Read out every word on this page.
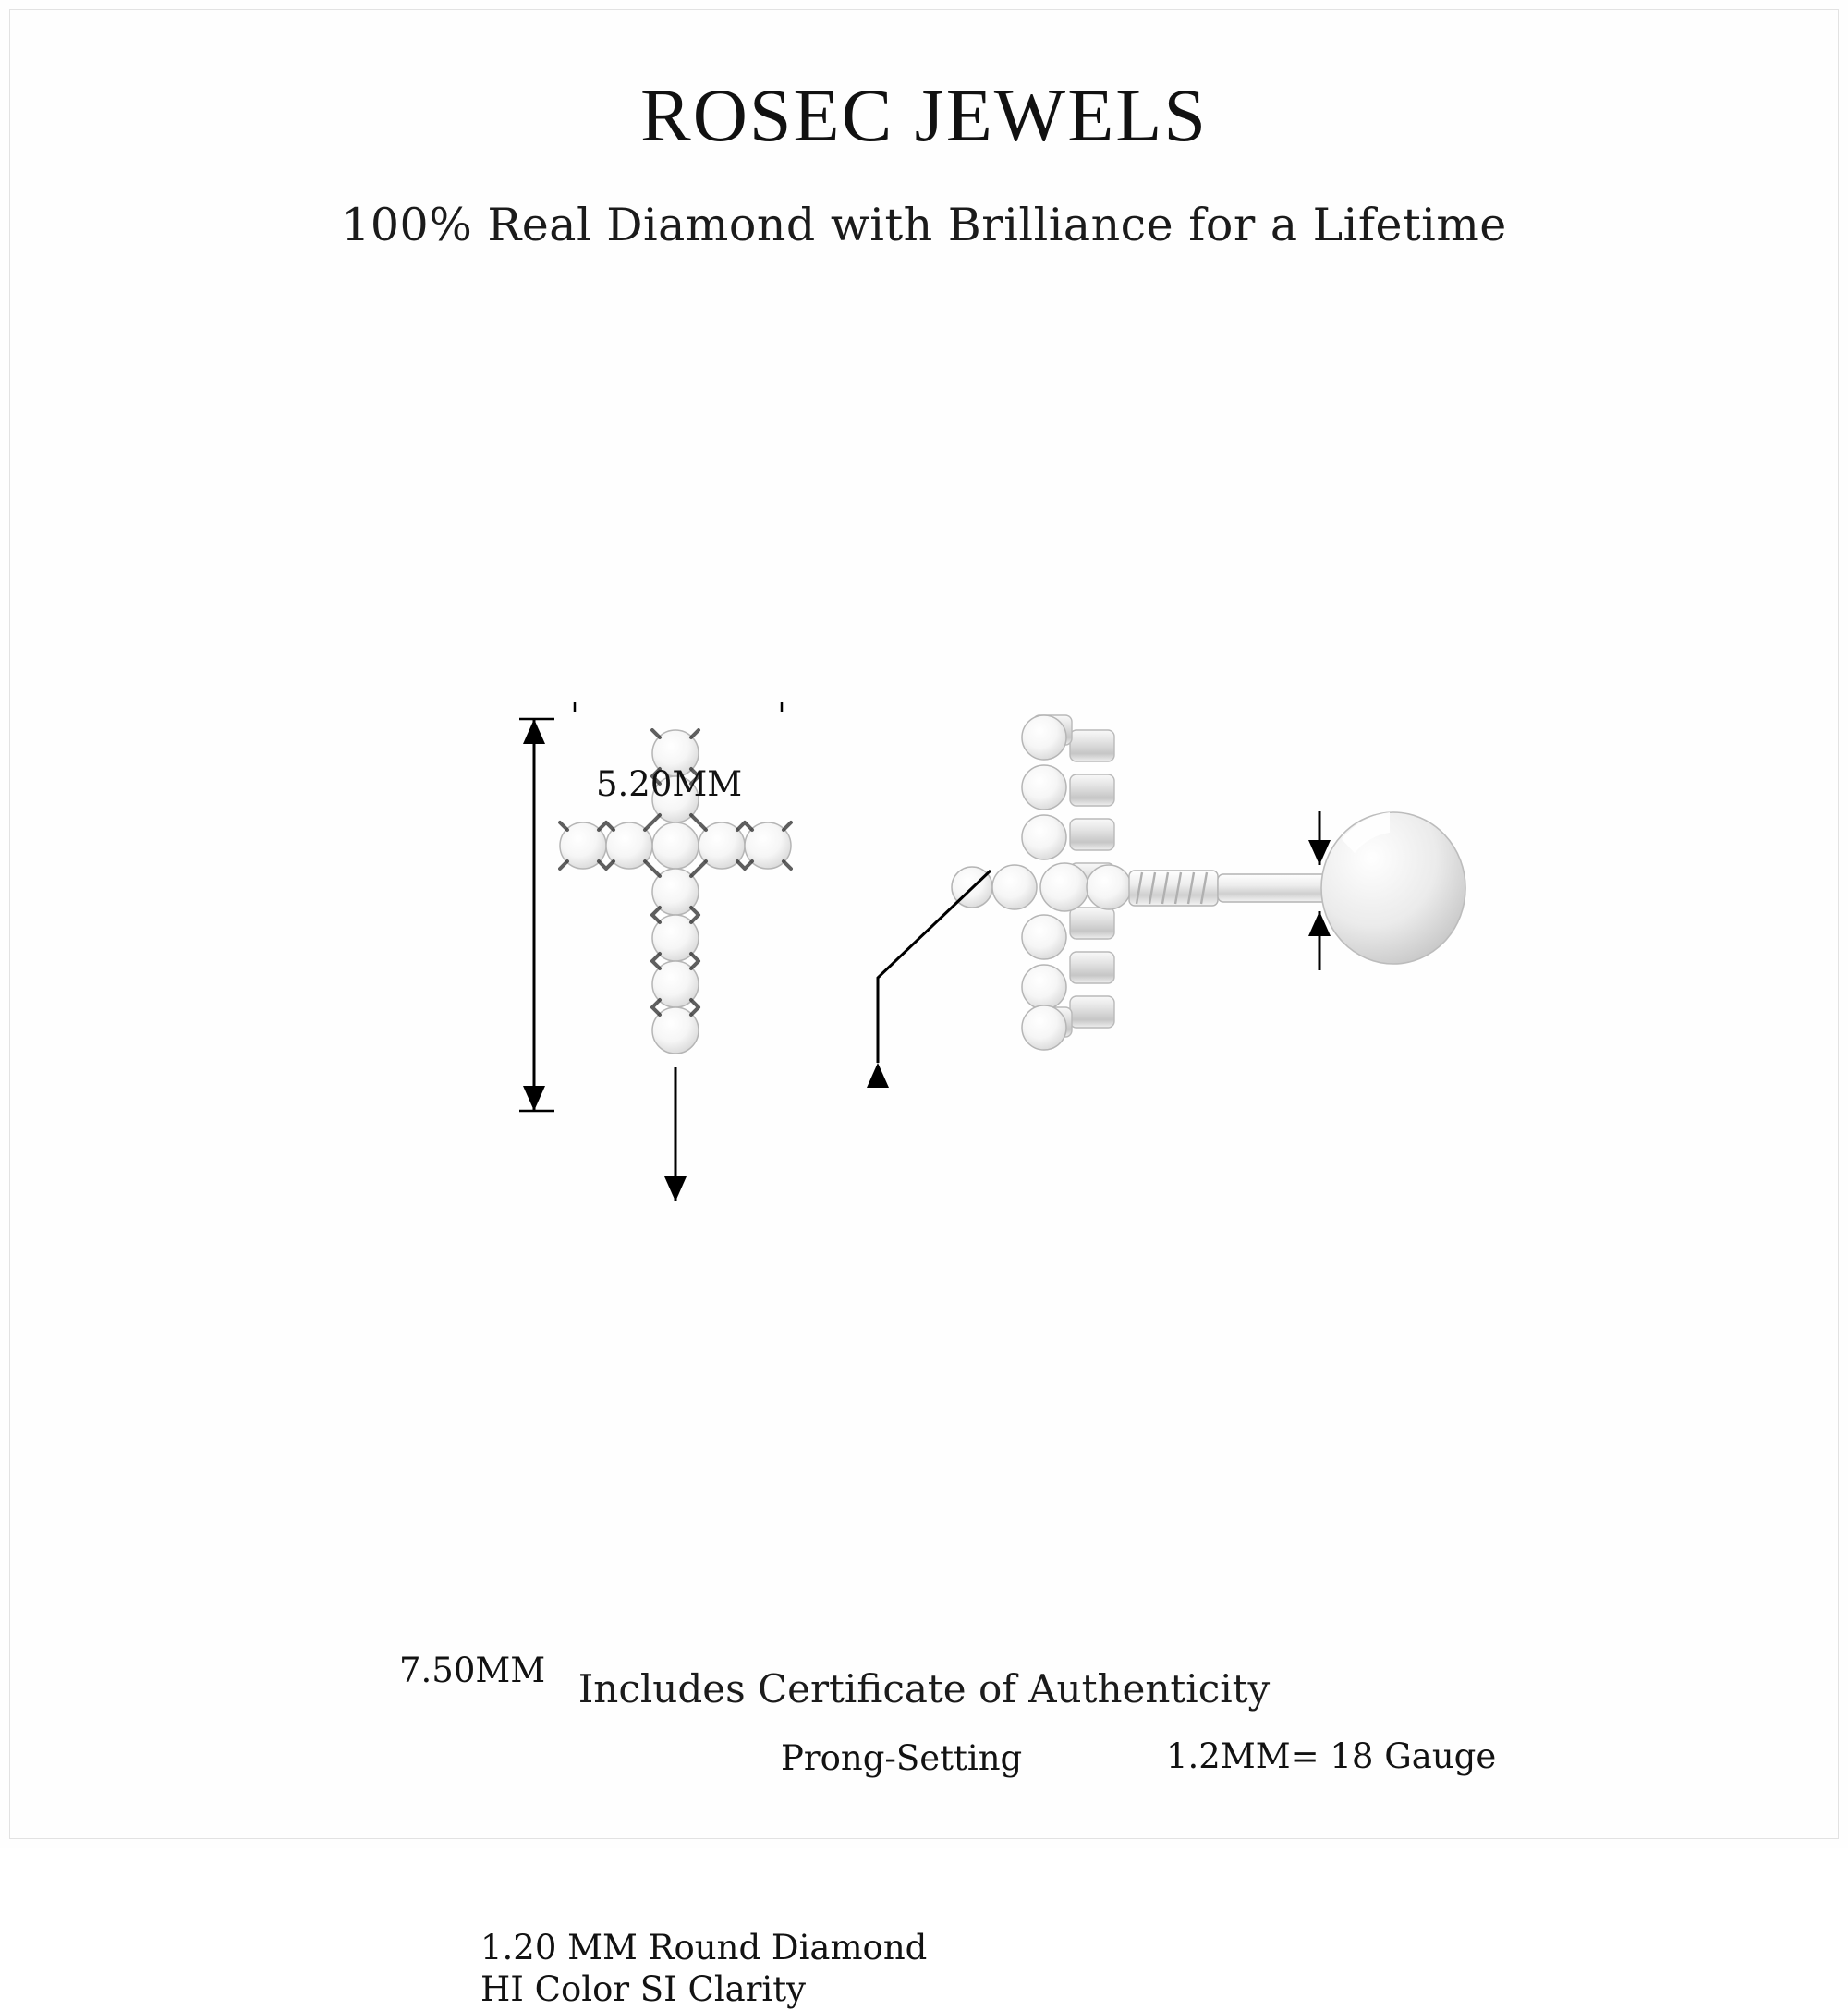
ROSEC JEWELS
100% Real Diamond with Brilliance for a Lifetime
5.20MM
7.50MM
Prong-Setting	1.2MM= 18 Gauge
1.20 MM Round Diamond
HI Color SI Clarity
Includes Certificate of Authenticity
